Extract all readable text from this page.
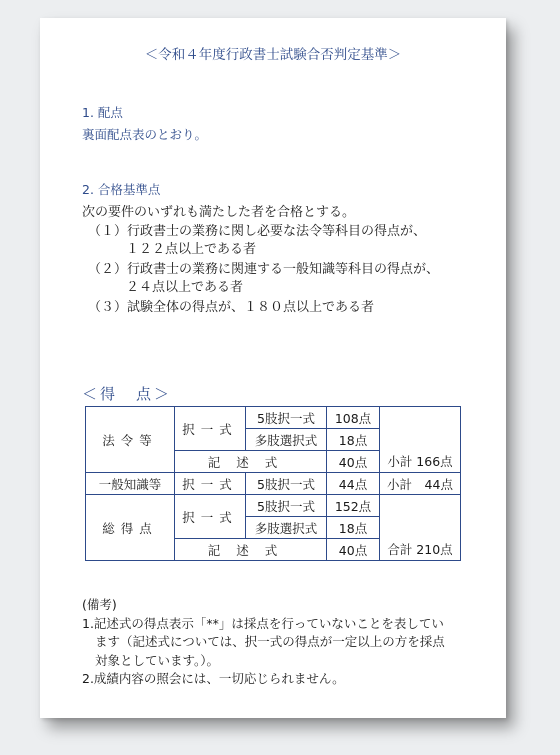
＜令和４年度行政書士試験合否判定基準＞
1. 配点
裏面配点表のとおり。
2. 合格基準点
次の要件のいずれも満たした者を合格とする。
（１）行政書士の業務に関し必要な法令等科目の得点が、
１２２点以上である者
（２）行政書士の業務に関連する一般知識等科目の得点が、
２４点以上である者
（３）試験全体の得点が、１８０点以上である者
＜得　点＞
法令等	択一式	5肢択一式	108点	小計 166点
		多肢選択式	18点	
	記述式		40点	
一般知識等	択一式	5肢択一式	44点	小計　44点
総得点	択一式	5肢択一式	152点	合計 210点
		多肢選択式	18点	
	記述式		40点	
(備考)
1.記述式の得点表示「**」は採点を行っていないことを表してい
ます（記述式については、択一式の得点が一定以上の方を採点
対象としています。）。
2.成績内容の照会には、一切応じられません。
